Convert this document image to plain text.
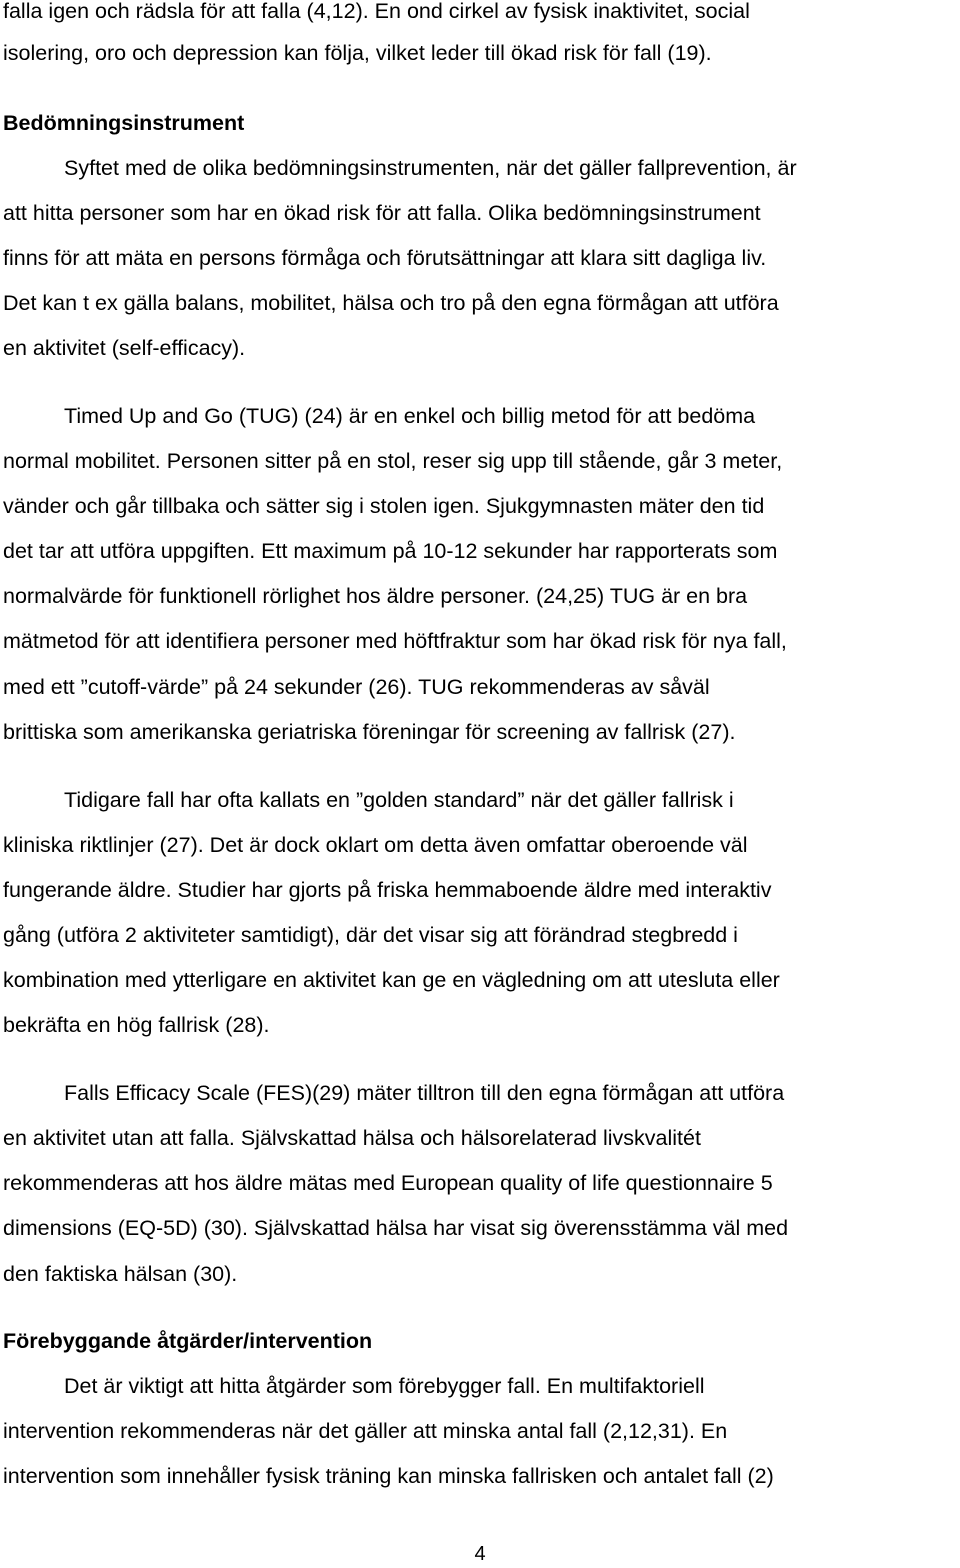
falla igen och rädsla för att falla (4,12). En ond cirkel av fysisk inaktivitet, social
isolering, oro och depression kan följa, vilket leder till ökad risk för fall (19).
Bedömningsinstrument
Syftet med de olika bedömningsinstrumenten, när det gäller fallprevention, är
att hitta personer som har en ökad risk för att falla. Olika bedömningsinstrument
finns för att mäta en persons förmåga och förutsättningar att klara sitt dagliga liv.
Det kan t ex gälla balans, mobilitet, hälsa och tro på den egna förmågan att utföra
en aktivitet (self-efficacy).
Timed Up and Go (TUG) (24) är en enkel och billig metod för att bedöma
normal mobilitet. Personen sitter på en stol, reser sig upp till stående, går 3 meter,
vänder och går tillbaka och sätter sig i stolen igen. Sjukgymnasten mäter den tid
det tar att utföra uppgiften. Ett maximum på 10-12 sekunder har rapporterats som
normalvärde för funktionell rörlighet hos äldre personer. (24,25) TUG är en bra
mätmetod för att identifiera personer med höftfraktur som har ökad risk för nya fall,
med ett ”cutoff-värde” på 24 sekunder (26). TUG rekommenderas av såväl
brittiska som amerikanska geriatriska föreningar för screening av fallrisk (27).
Tidigare fall har ofta kallats en ”golden standard” när det gäller fallrisk i
kliniska riktlinjer (27). Det är dock oklart om detta även omfattar oberoende väl
fungerande äldre. Studier har gjorts på friska hemmaboende äldre med interaktiv
gång (utföra 2 aktiviteter samtidigt), där det visar sig att förändrad stegbredd i
kombination med ytterligare en aktivitet kan ge en vägledning om att utesluta eller
bekräfta en hög fallrisk (28).
Falls Efficacy Scale (FES)(29) mäter tilltron till den egna förmågan att utföra
en aktivitet utan att falla. Självskattad hälsa och hälsorelaterad livskvalitét
rekommenderas att hos äldre mätas med European quality of life questionnaire 5
dimensions (EQ-5D) (30). Självskattad hälsa har visat sig överensstämma väl med
den faktiska hälsan (30).
Förebyggande åtgärder/intervention
Det är viktigt att hitta åtgärder som förebygger fall. En multifaktoriell
intervention rekommenderas när det gäller att minska antal fall (2,12,31). En
intervention som innehåller fysisk träning kan minska fallrisken och antalet fall (2)
4
